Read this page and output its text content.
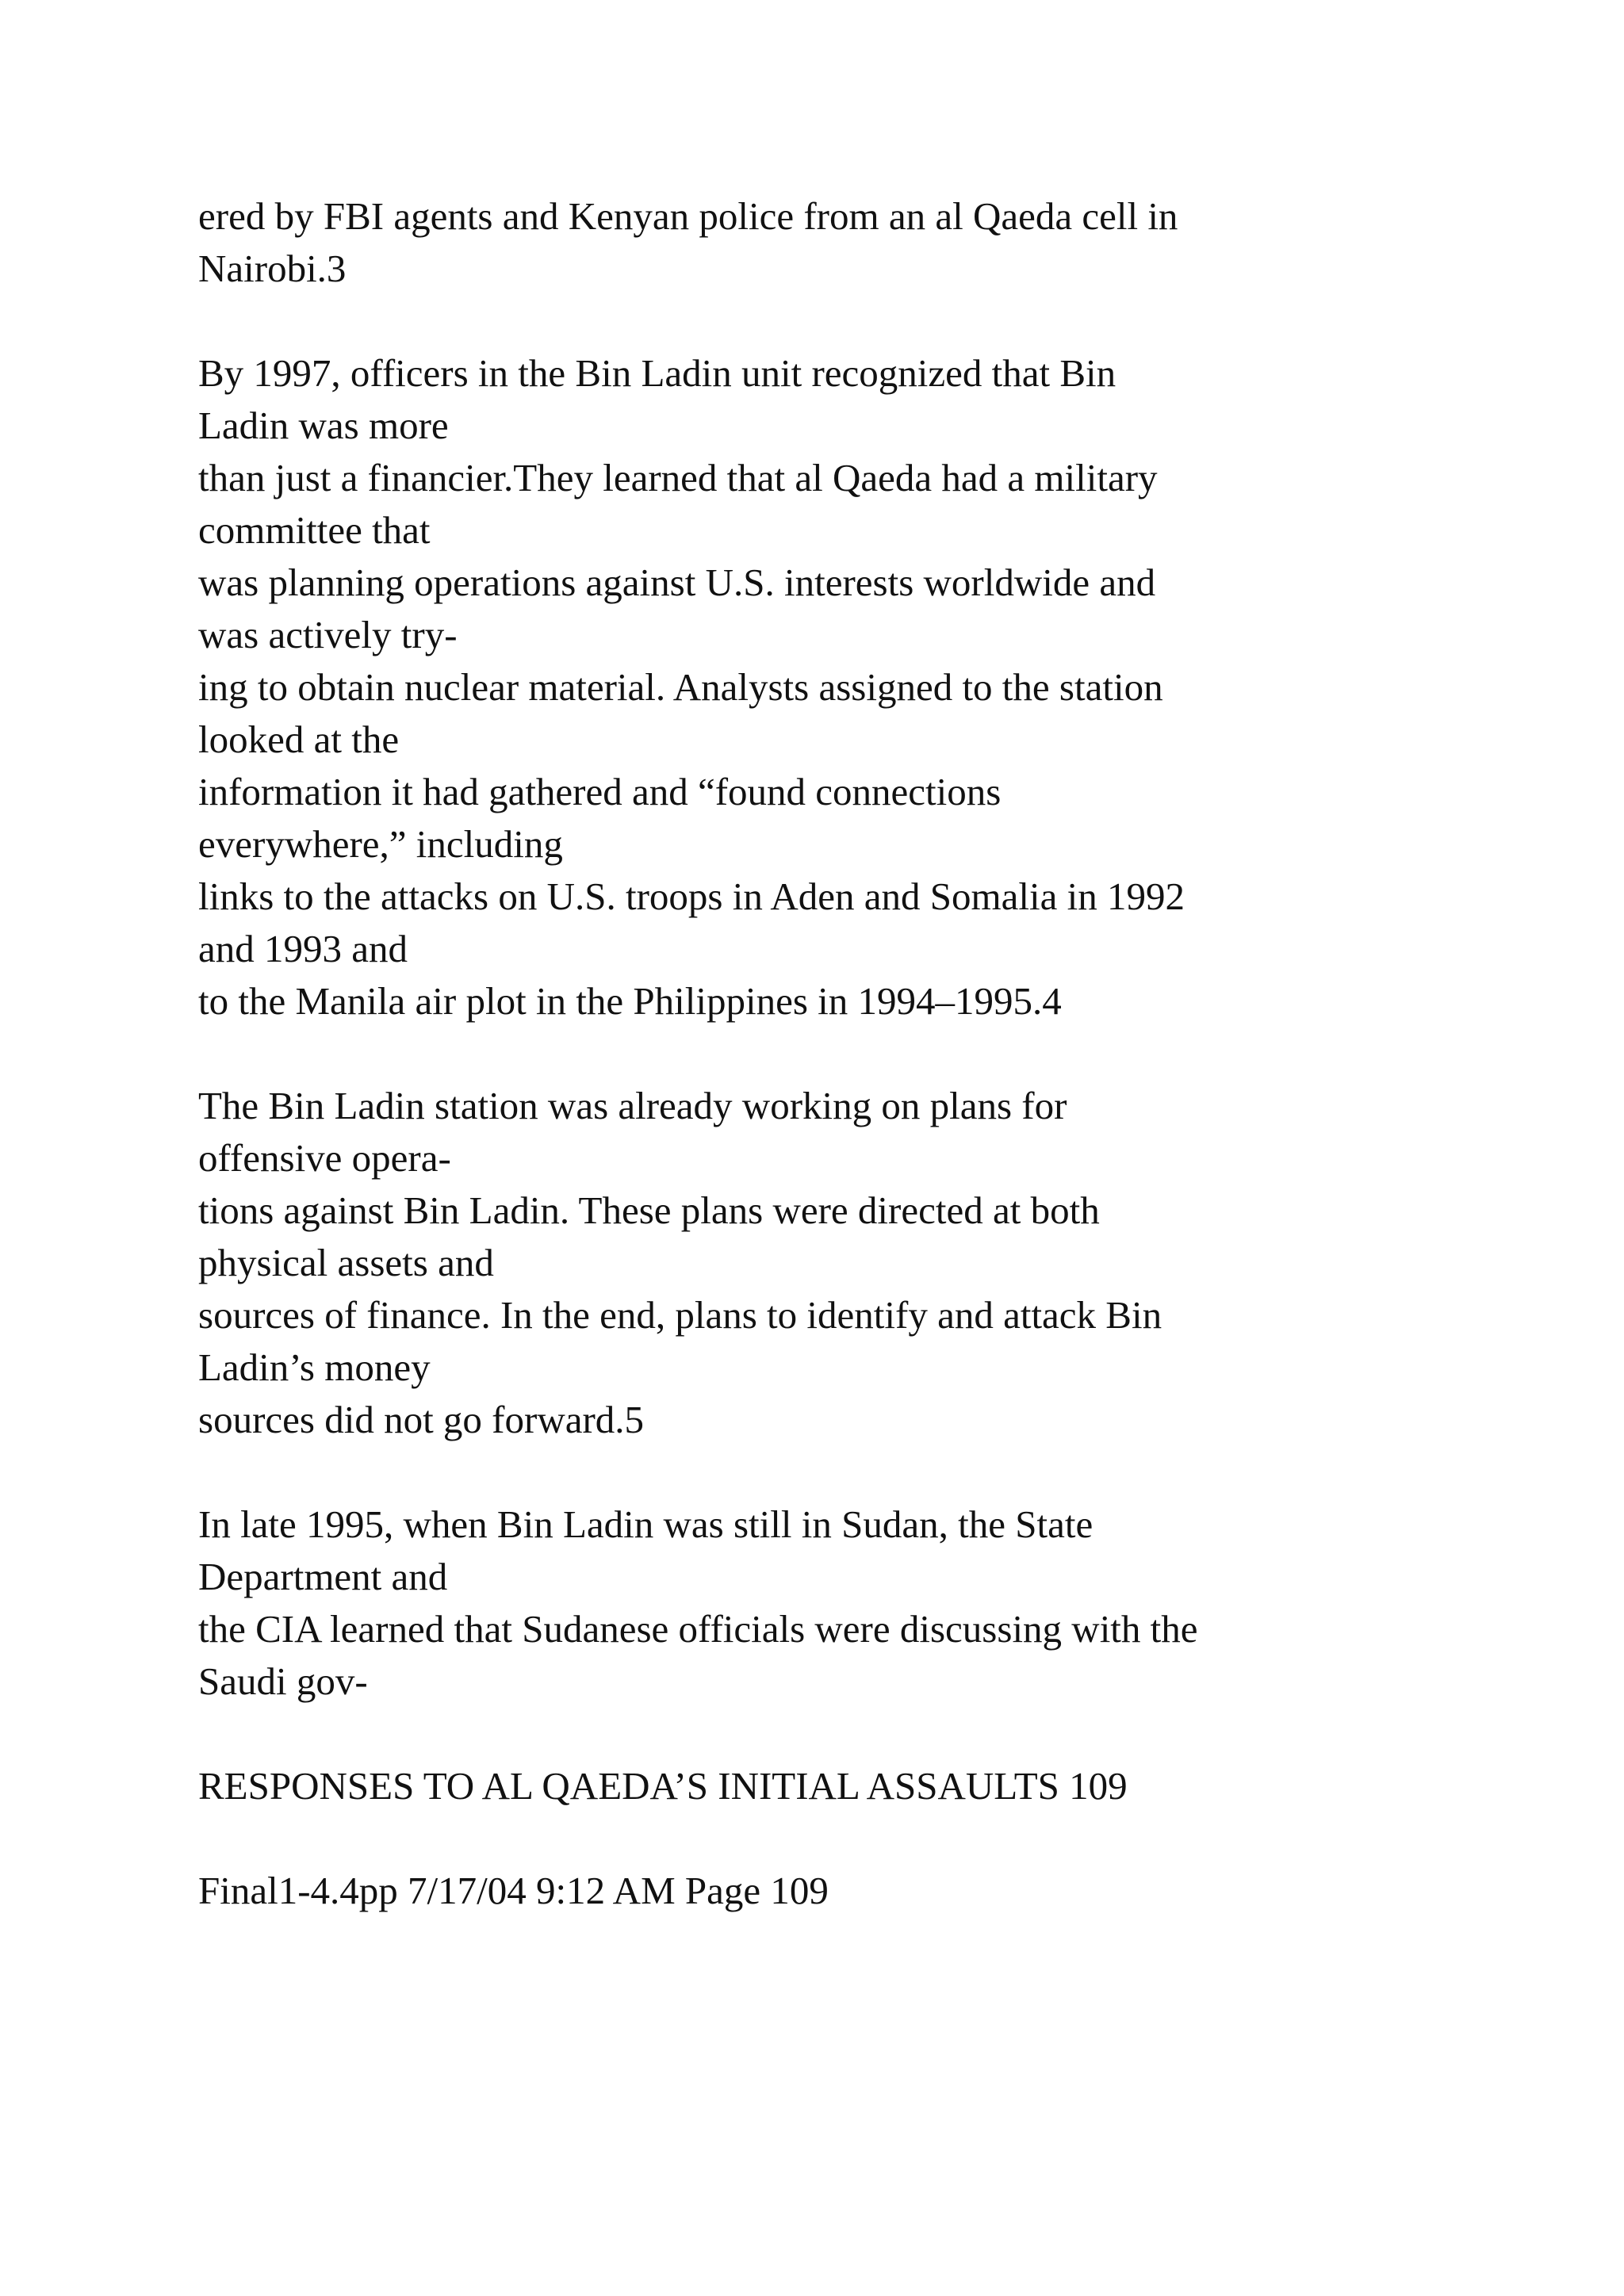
ered by FBI agents and Kenyan police from an al Qaeda cell in
Nairobi.3
By 1997, officers in the Bin Ladin unit recognized that Bin
Ladin was more
than just a financier.They learned that al Qaeda had a military
committee that
was planning operations against U.S. interests worldwide and
was actively try-
ing to obtain nuclear material. Analysts assigned to the station
looked at the
information it had gathered and “found connections
everywhere,” including
links to the attacks on U.S. troops in Aden and Somalia in 1992
and 1993 and
to the Manila air plot in the Philippines in 1994–1995.4
The Bin Ladin station was already working on plans for
offensive opera-
tions against Bin Ladin. These plans were directed at both
physical assets and
sources of finance. In the end, plans to identify and attack Bin
Ladin’s money
sources did not go forward.5
In late 1995, when Bin Ladin was still in Sudan, the State
Department and
the CIA learned that Sudanese officials were discussing with the
Saudi gov-
RESPONSES TO AL QAEDA’S INITIAL ASSAULTS 109
Final1-4.4pp 7/17/04 9:12 AM Page 109
